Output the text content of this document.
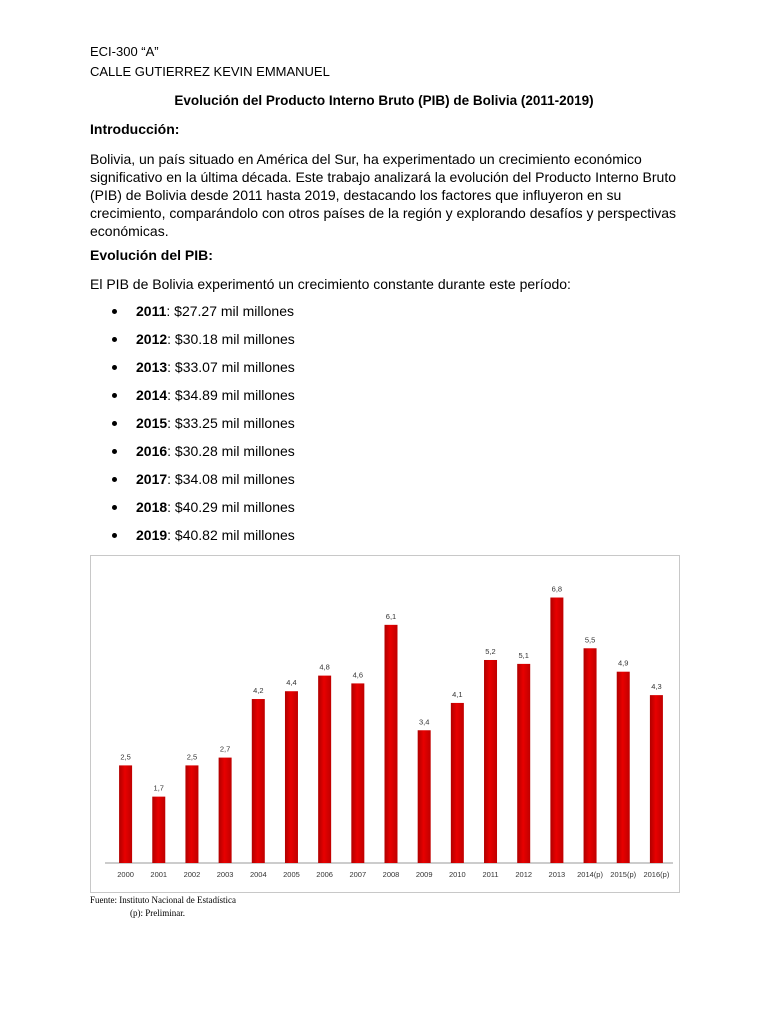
ECI-300 “A”
CALLE GUTIERREZ KEVIN EMMANUEL
Evolución del Producto Interno Bruto (PIB) de Bolivia (2011-2019)
Introducción:
Bolivia, un país situado en América del Sur, ha experimentado un crecimiento económico significativo en la última década. Este trabajo analizará la evolución del Producto Interno Bruto (PIB) de Bolivia desde 2011 hasta 2019, destacando los factores que influyeron en su crecimiento, comparándolo con otros países de la región y explorando desafíos y perspectivas económicas.
Evolución del PIB:
El PIB de Bolivia experimentó un crecimiento constante durante este período:
2011: $27.27 mil millones
2012: $30.18 mil millones
2013: $33.07 mil millones
2014: $34.89 mil millones
2015: $33.25 mil millones
2016: $30.28 mil millones
2017: $34.08 mil millones
2018: $40.29 mil millones
2019: $40.82 mil millones
2,5
2000
1,7
2001
2,5
2002
2,7
2003
4,2
2004
4,4
2005
4,8
2006
4,6
2007
6,1
2008
3,4
2009
4,1
2010
5,2
2011
5,1
2012
6,8
2013
5,5
2014(p)
4,9
2015(p)
4,3
2016(p)
Fuente: Instituto Nacional de Estadística
(p): Preliminar.
